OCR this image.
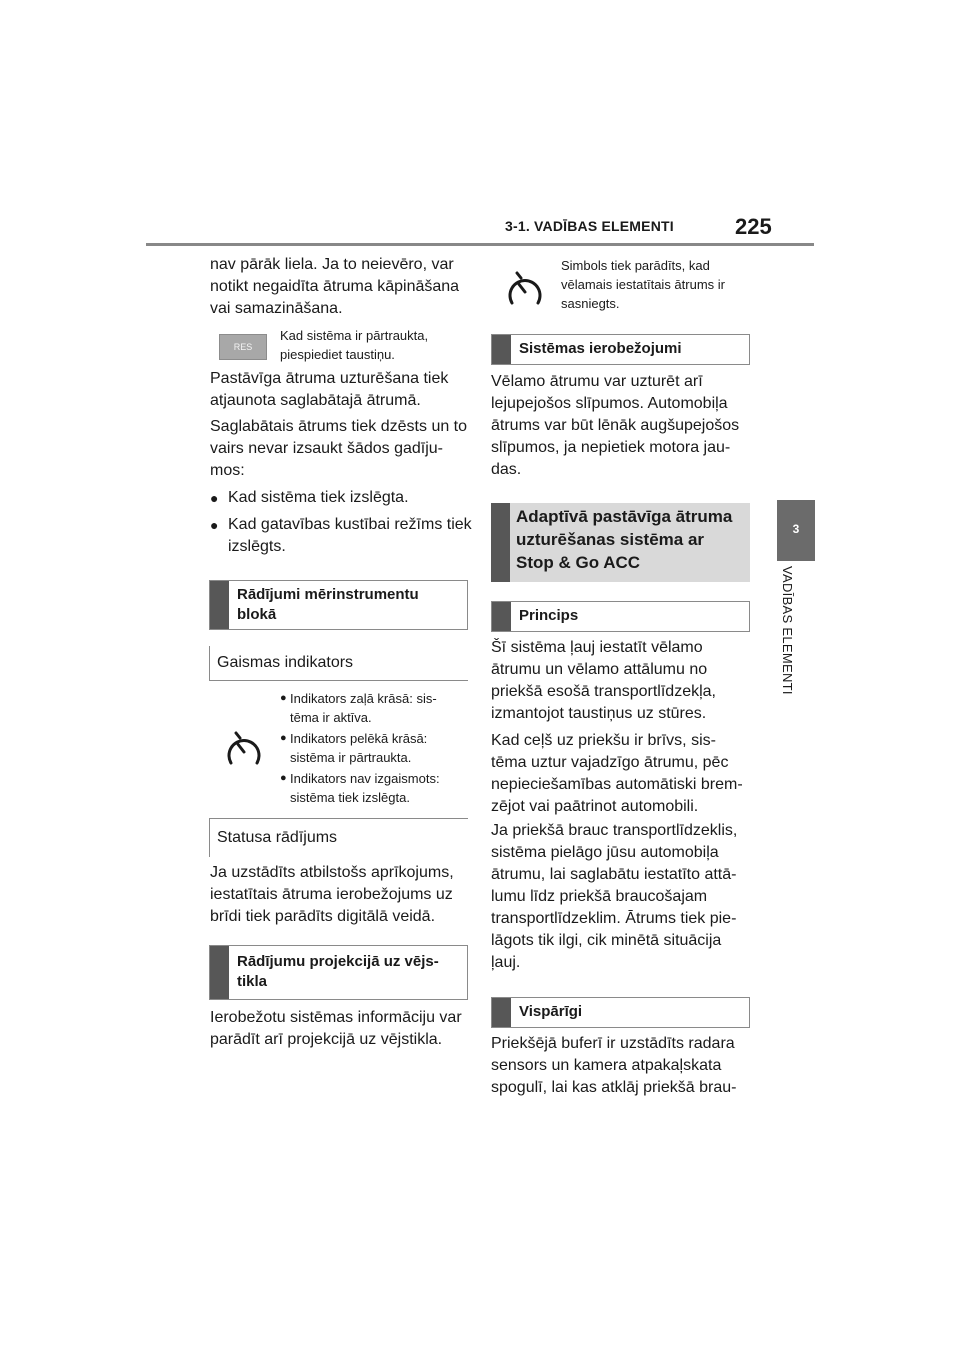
3-1. VADĪBAS ELEMENTI	225
3
VADĪBAS ELEMENTI

nav pārāk liela. Ja to neievēro, var notikt negaidīta ātruma kāpināšana vai samazināšana.

RES

Kad sistēma ir pārtraukta, piespiediet taustiņu.

Pastāvīga ātruma uzturēšana tiek atjaunota saglabātajā ātrumā.

Saglabātais ātrums tiek dzēsts un to vairs nevar izsaukt šādos gadīju- mos:

● Kad sistēma tiek izslēgta.
● Kad gatavības kustībai režīms tiek izslēgts.
Rādījumi mērinstrumentu blokā
Gaismas indikators
● Indikators zaļā krāsā: sis- tēma ir aktīva.
● Indikators pelēkā krāsā: sistēma ir pārtraukta.
● Indikators nav izgaismots: sistēma tiek izslēgta.
Statusa rādījums

Ja uzstādīts atbilstošs aprīkojums, iestatītais ātruma ierobežojums uz brīdi tiek parādīts digitālā veidā.

Rādījumu projekcijā uz vējs- tikla

Ierobežotu sistēmas informāciju var parādīt arī projekcijā uz vējstikla.

Simbols tiek parādīts, kad vēlamais iestatītais ātrums ir sasniegts.

Sistēmas ierobežojumi

Vēlamo ātrumu var uzturēt arī lejupejošos slīpumos. Automobiļa ātrums var būt lēnāk augšupejošos slīpumos, ja nepietiek motora jau- das.

Adaptīvā pastāvīga ātruma uzturēšanas sistēma ar Stop & Go ACC
Princips

Šī sistēma ļauj iestatīt vēlamo ātrumu un vēlamo attālumu no priekšā esošā transportlīdzekļa, izmantojot taustiņus uz stūres.

Kad ceļš uz priekšu ir brīvs, sis- tēma uztur vajadzīgo ātrumu, pēc nepieciešamības automātiski brem- zējot vai paātrinot automobili.

Ja priekšā brauc transportlīdzeklis, sistēma pielāgo jūsu automobiļa ātrumu, lai saglabātu iestatīto attā- lumu līdz priekšā braucošajam transportlīdzeklim. Ātrums tiek pie- lāgots tik ilgi, cik minētā situācija ļauj.

Vispārīgi

Priekšējā buferī ir uzstādīts radara sensors un kamera atpakaļskata spogulī, lai kas atklāj priekšā brau-
